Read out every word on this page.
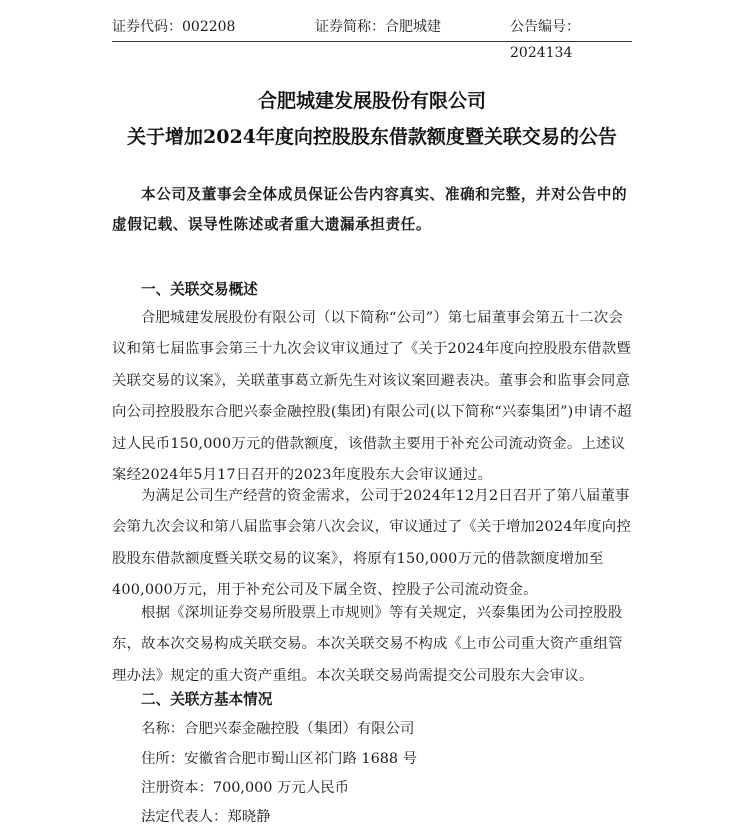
证券代码：002208	证券简称：合肥城建	公告编号：2024134
合肥城建发展股份有限公司
关于增加2024年度向控股股东借款额度暨关联交易的公告

本公司及董事会全体成员保证公告内容真实、准确和完整，并对公告中的虚假记载、误导性陈述或者重大遗漏承担责任。

一、关联交易概述

合肥城建发展股份有限公司（以下简称“公司”）第七届董事会第五十二次会议和第七届监事会第三十九次会议审议通过了《关于2024年度向控股股东借款暨关联交易的议案》，关联董事葛立新先生对该议案回避表决。董事会和监事会同意向公司控股股东合肥兴泰金融控股(集团)有限公司(以下简称“兴泰集团”)申请不超过人民币150,000万元的借款额度，该借款主要用于补充公司流动资金。上述议案经2024年5月17日召开的2023年度股东大会审议通过。

为满足公司生产经营的资金需求，公司于2024年12月2日召开了第八届董事会第九次会议和第八届监事会第八次会议，审议通过了《关于增加2024年度向控股股东借款额度暨关联交易的议案》，将原有150,000万元的借款额度增加至400,000万元，用于补充公司及下属全资、控股子公司流动资金。

根据《深圳证券交易所股票上市规则》等有关规定，兴泰集团为公司控股股东，故本次交易构成关联交易。本次关联交易不构成《上市公司重大资产重组管理办法》规定的重大资产重组。本次关联交易尚需提交公司股东大会审议。

二、关联方基本情况
名称：合肥兴泰金融控股（集团）有限公司
住所：安徽省合肥市蜀山区祁门路 1688 号
注册资本：700,000 万元人民币
法定代表人：郑晓静
